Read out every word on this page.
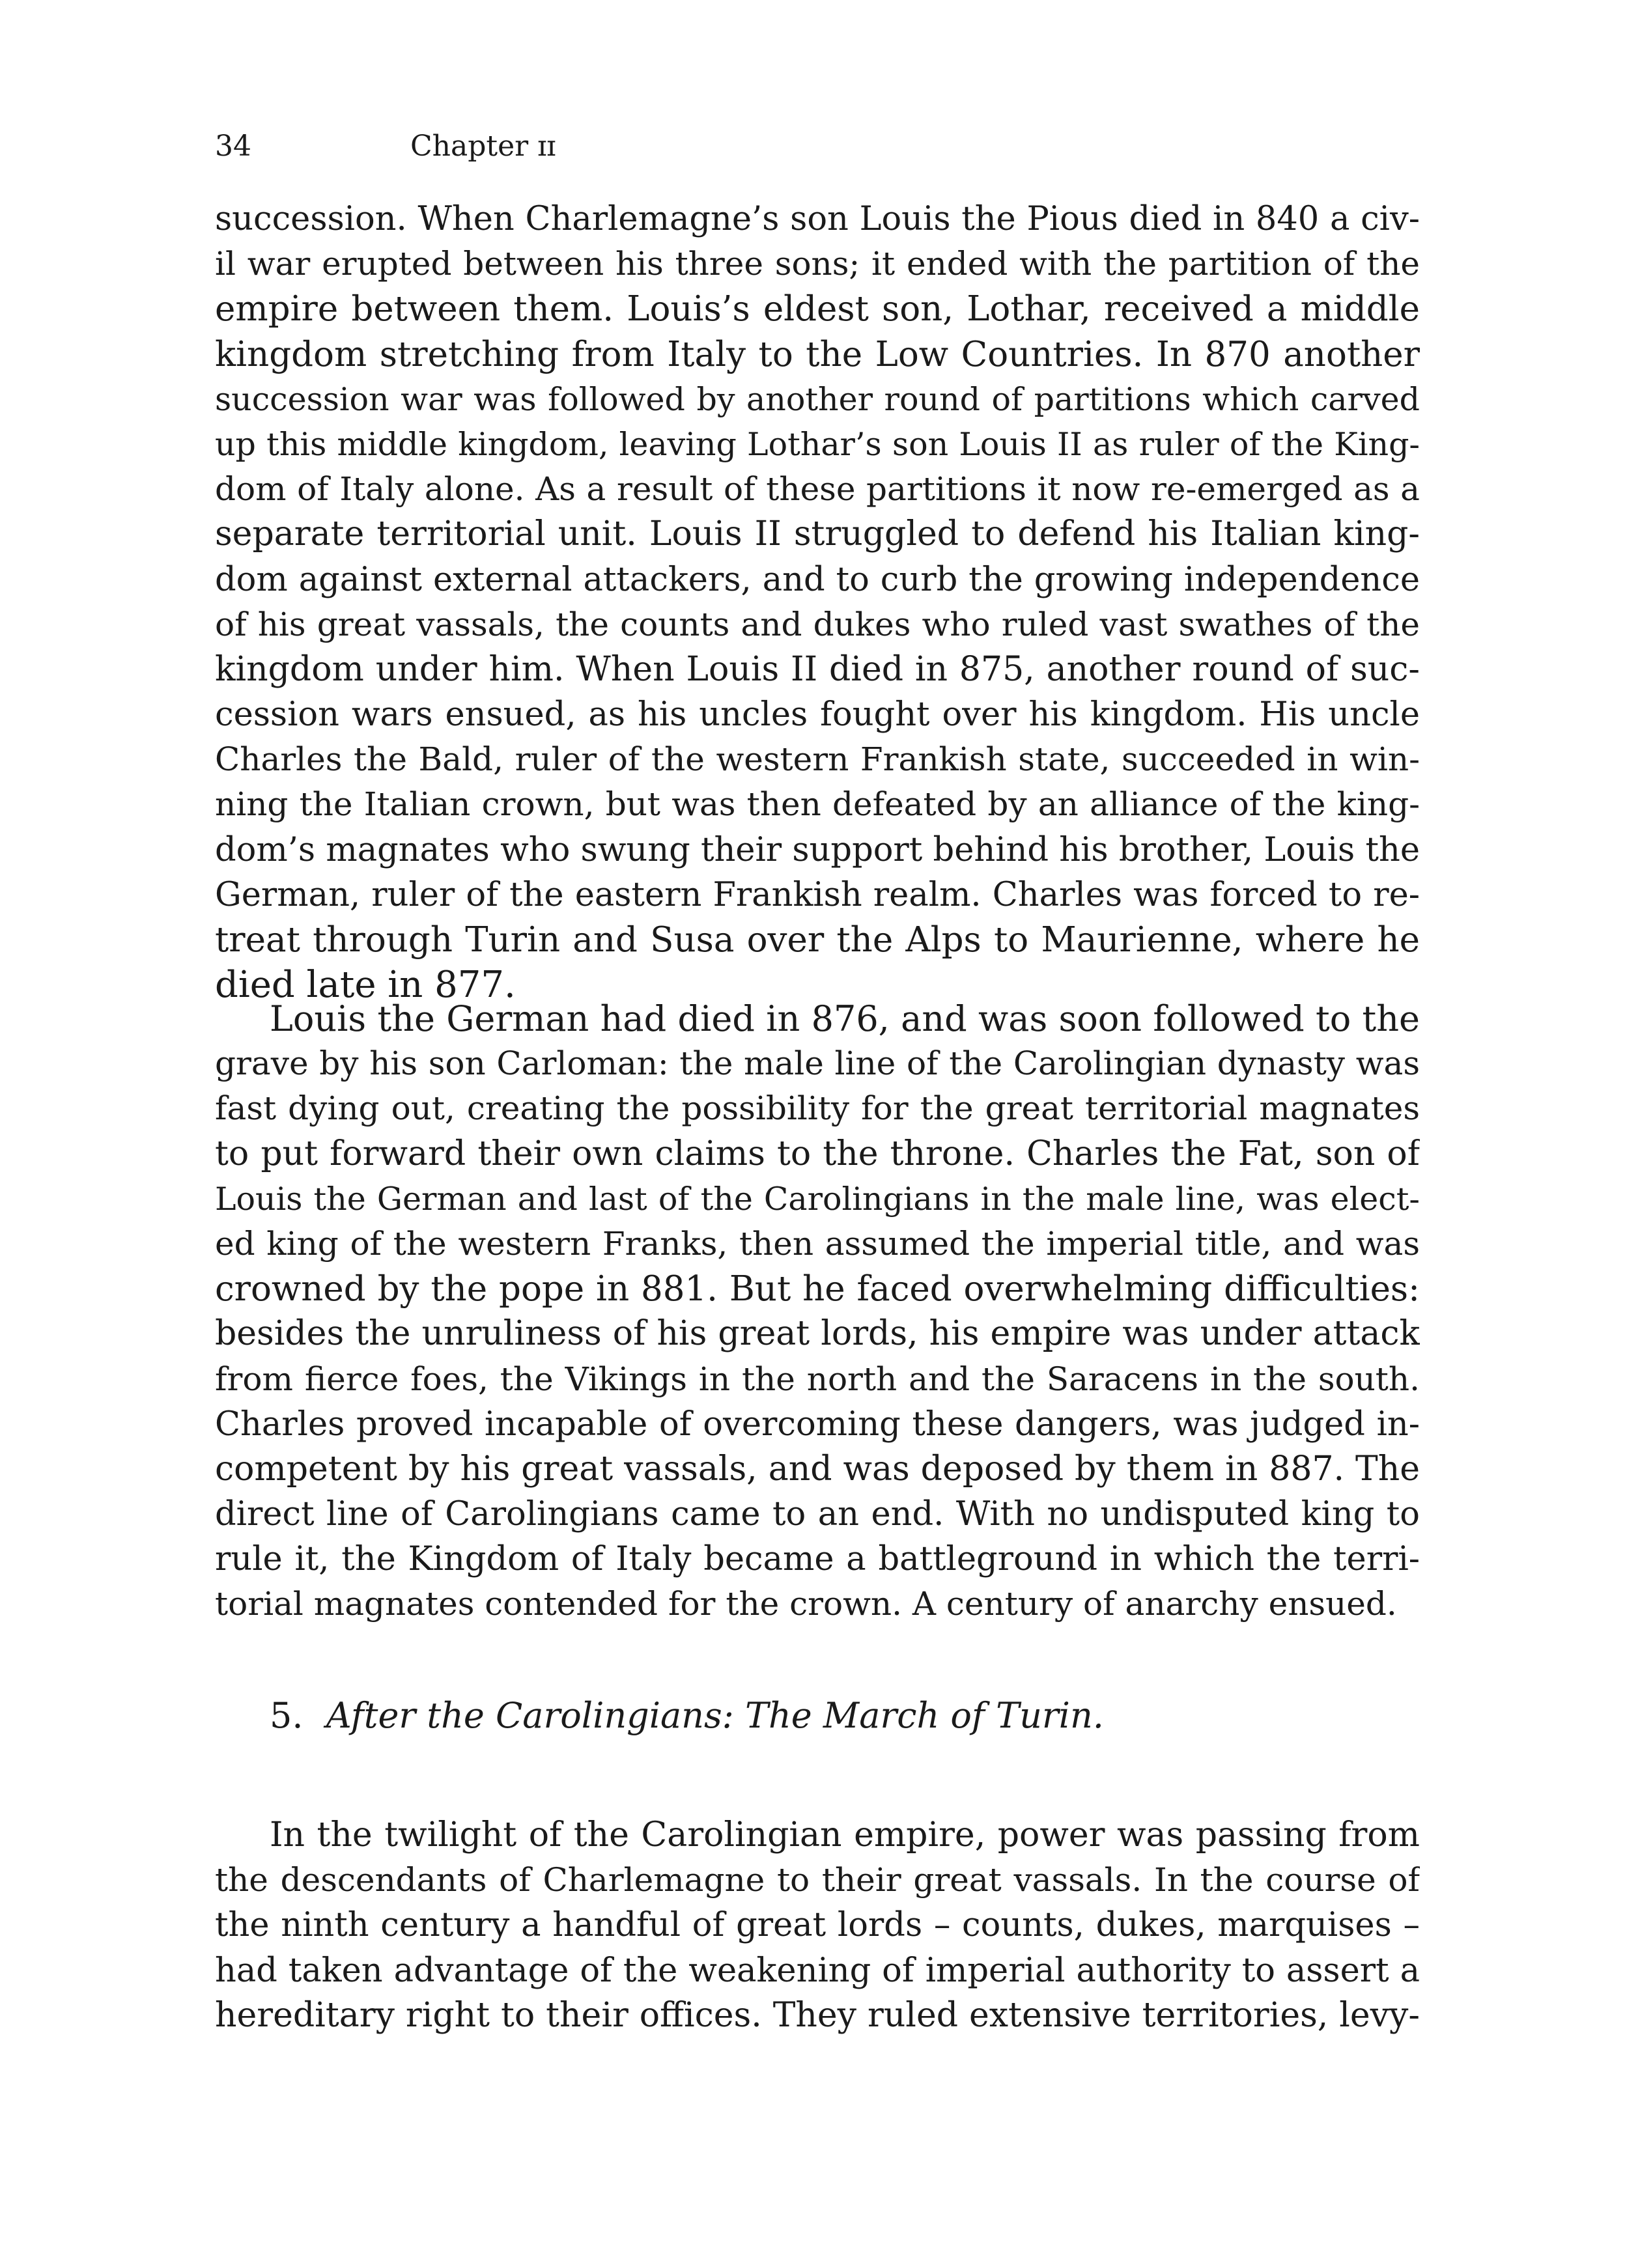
34	Chapter ɪɪ
succession. When Charlemagne’s son Louis the Pious died in 840 a civ-
il war erupted between his three sons; it ended with the partition of the
empire between them. Louis’s eldest son, Lothar, received a middle
kingdom stretching from Italy to the Low Countries. In 870 another
succession war was followed by another round of partitions which carved
up this middle kingdom, leaving Lothar’s son Louis II as ruler of the King-
dom of Italy alone. As a result of these partitions it now re-emerged as a
separate territorial unit. Louis II struggled to defend his Italian king-
dom against external attackers, and to curb the growing independence
of his great vassals, the counts and dukes who ruled vast swathes of the
kingdom under him. When Louis II died in 875, another round of suc-
cession wars ensued, as his uncles fought over his kingdom. His uncle
Charles the Bald, ruler of the western Frankish state, succeeded in win-
ning the Italian crown, but was then defeated by an alliance of the king-
dom’s magnates who swung their support behind his brother, Louis the
German, ruler of the eastern Frankish realm. Charles was forced to re-
treat through Turin and Susa over the Alps to Maurienne, where he
died late in 877.
Louis the German had died in 876, and was soon followed to the
grave by his son Carloman: the male line of the Carolingian dynasty was
fast dying out, creating the possibility for the great territorial magnates
to put forward their own claims to the throne. Charles the Fat, son of
Louis the German and last of the Carolingians in the male line, was elect-
ed king of the western Franks, then assumed the imperial title, and was
crowned by the pope in 881. But he faced overwhelming difficulties:
besides the unruliness of his great lords, his empire was under attack
from fierce foes, the Vikings in the north and the Saracens in the south.
Charles proved incapable of overcoming these dangers, was judged in-
competent by his great vassals, and was deposed by them in 887. The
direct line of Carolingians came to an end. With no undisputed king to
rule it, the Kingdom of Italy became a battleground in which the terri-
torial magnates contended for the crown. A century of anarchy ensued.
5. After the Carolingians: The March of Turin.
In the twilight of the Carolingian empire, power was passing from
the descendants of Charlemagne to their great vassals. In the course of
the ninth century a handful of great lords – counts, dukes, marquises –
had taken advantage of the weakening of imperial authority to assert a
hereditary right to their offices. They ruled extensive territories, levy-
